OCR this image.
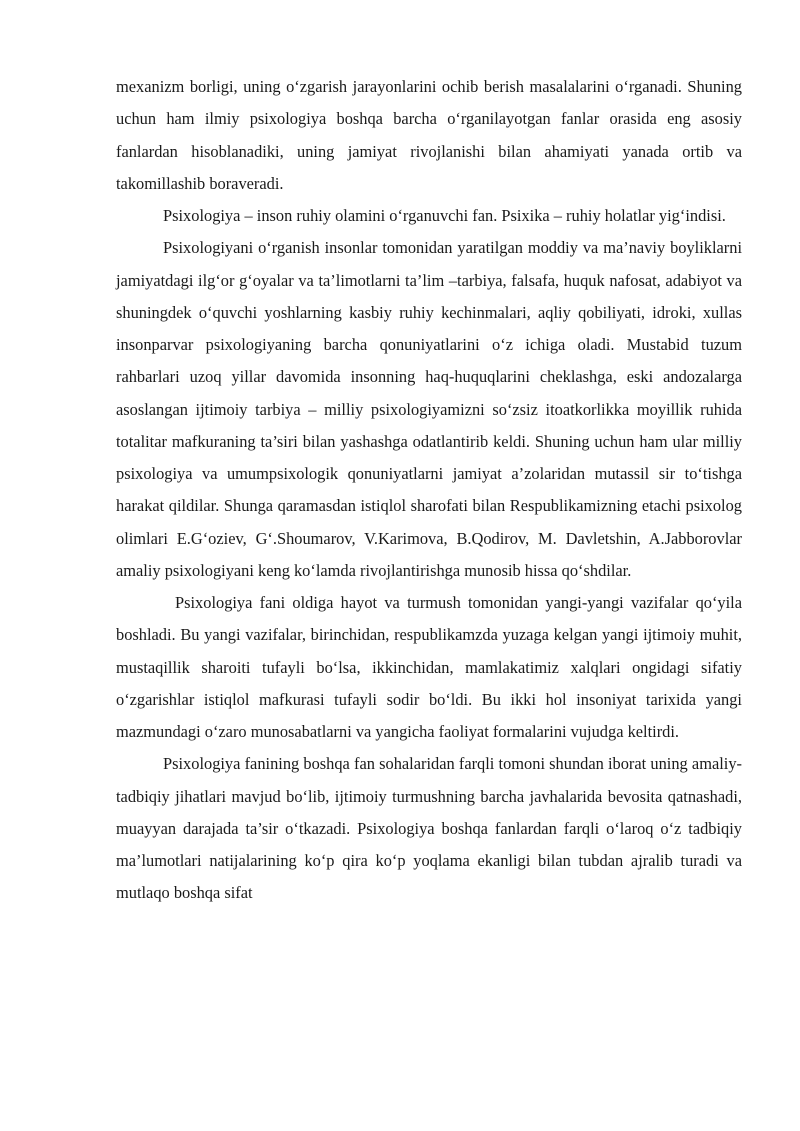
mexanizm borligi, uning o‘zgarish jarayonlarini ochib berish masalalarini o‘rganadi. Shuning uchun ham ilmiy psixologiya boshqa barcha o‘rganilayotgan fanlar orasida eng asosiy fanlardan hisoblanadiki, uning jamiyat rivojlanishi bilan ahamiyati yanada ortib va takomillashib boraveradi.

Psixologiya – inson ruhiy olamini o‘rganuvchi fan. Psixika – ruhiy holatlar yig‘indisi.

Psixologiyani o‘rganish insonlar tomonidan yaratilgan moddiy va ma’naviy boyliklarni jamiyatdagi ilg‘or g‘oyalar va ta’limotlarni ta’lim –tarbiya, falsafa, huquk nafosat, adabiyot va shuningdek o‘quvchi yoshlarning kasbiy ruhiy kechinmalari, aqliy qobiliyati, idroki, xullas insonparvar psixologiyaning barcha qonuniyatlarini o‘z ichiga oladi. Mustabid tuzum rahbarlari uzoq yillar davomida insonning haq-huquqlarini cheklashga, eski andozalarga asoslangan ijtimoiy tarbiya – milliy psixologiyamizni so‘zsiz itoatkorlikka moyillik ruhida totalitar mafkuraning ta’siri bilan yashashga odatlantirib keldi. Shuning uchun ham ular milliy psixologiya va umumpsixologik qonuniyatlarni jamiyat a’zolaridan mutassil sir to‘tishga harakat qildilar. Shunga qaramasdan istiqlol sharofati bilan Respublikamizning etachi psixolog olimlari E.G‘oziev, G‘.Shoumarov, V.Karimova, B.Qodirov, M. Davletshin, A.Jabborovlar amaliy psixologiyani keng ko‘lamda rivojlantirishga munosib hissa qo‘shdilar.

Psixologiya fani oldiga hayot va turmush tomonidan yangi-yangi vazifalar qo‘yila boshladi. Bu yangi vazifalar, birinchidan, respublikamzda yuzaga kelgan yangi ijtimoiy muhit, mustaqillik sharoiti tufayli bo‘lsa, ikkinchidan, mamlakatimiz xalqlari ongidagi sifatiy o‘zgarishlar istiqlol mafkurasi tufayli sodir bo‘ldi. Bu ikki hol insoniyat tarixida yangi mazmundagi o‘zaro munosabatlarni va yangicha faoliyat formalarini vujudga keltirdi.

Psixologiya fanining boshqa fan sohalaridan farqli tomoni shundan iborat uning amaliy-tadbiqiy jihatlari mavjud bo‘lib, ijtimoiy turmushning barcha javhalarida bevosita qatnashadi, muayyan darajada ta’sir o‘tkazadi. Psixologiya boshqa fanlardan farqli o‘laroq o‘z tadbiqiy ma’lumotlari natijalarining ko‘p qira ko‘p yoqlama ekanligi bilan tubdan ajralib turadi va mutlaqo boshqa sifat
